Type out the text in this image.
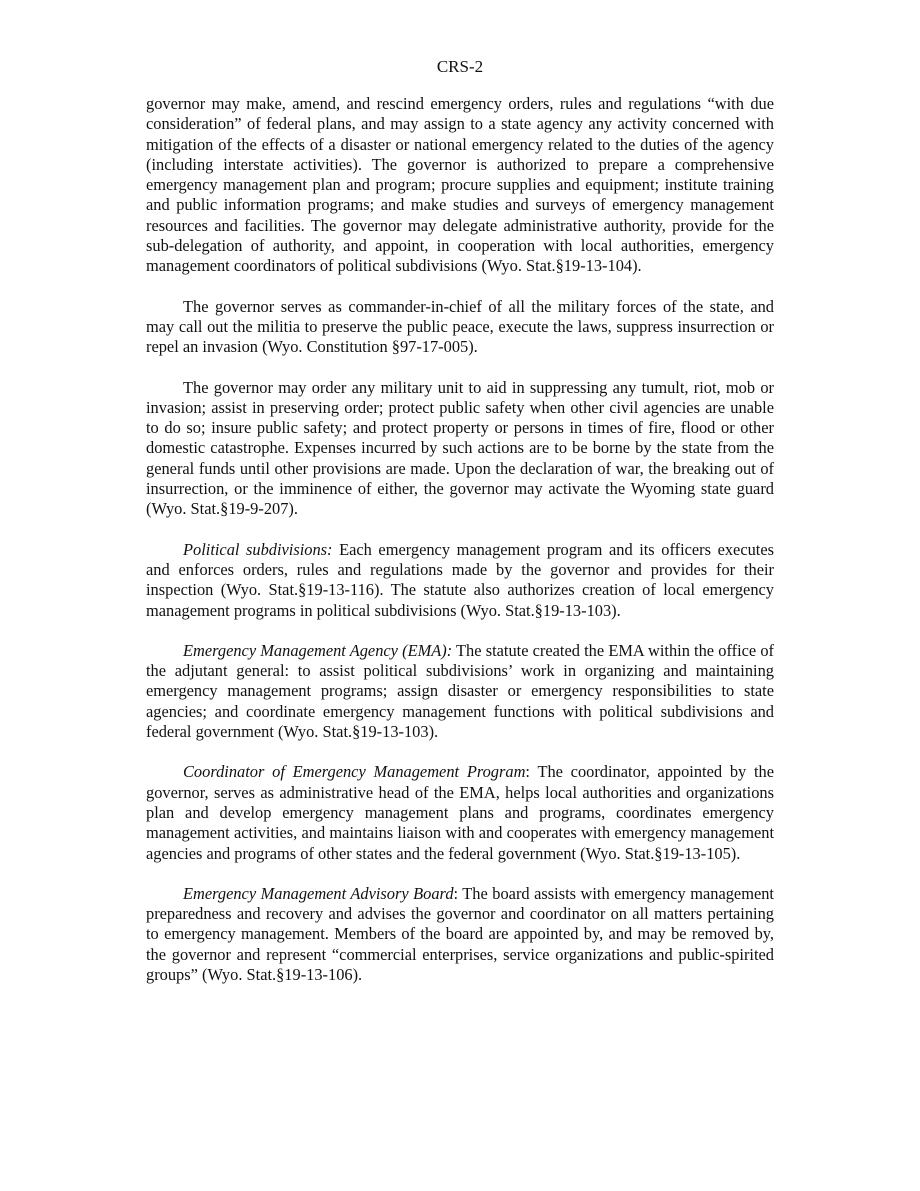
CRS-2

governor may make, amend, and rescind emergency orders, rules and regulations “with due consideration” of federal plans, and may assign to a state agency any activity concerned with mitigation of the effects of a disaster or national emergency related to the duties of the agency (including interstate activities). The governor is authorized to prepare a comprehensive emergency management plan and program; procure supplies and equipment; institute training and public information programs; and make studies and surveys of emergency management resources and facilities. The governor may delegate administrative authority, provide for the sub-delegation of authority, and appoint, in cooperation with local authorities, emergency management coordinators of political subdivisions (Wyo. Stat.§19-13-104).

The governor serves as commander-in-chief of all the military forces of the state, and may call out the militia to preserve the public peace, execute the laws, suppress insurrection or repel an invasion (Wyo. Constitution §97-17-005).

The governor may order any military unit to aid in suppressing any tumult, riot, mob or invasion; assist in preserving order; protect public safety when other civil agencies are unable to do so; insure public safety; and protect property or persons in times of fire, flood or other domestic catastrophe. Expenses incurred by such actions are to be borne by the state from the general funds until other provisions are made. Upon the declaration of war, the breaking out of insurrection, or the imminence of either, the governor may activate the Wyoming state guard (Wyo. Stat.§19-9-207).

Political subdivisions: Each emergency management program and its officers executes and enforces orders, rules and regulations made by the governor and provides for their inspection (Wyo. Stat.§19-13-116). The statute also authorizes creation of local emergency management programs in political subdivisions (Wyo. Stat.§19-13-103).

Emergency Management Agency (EMA): The statute created the EMA within the office of the adjutant general: to assist political subdivisions’ work in organizing and maintaining emergency management programs; assign disaster or emergency responsibilities to state agencies; and coordinate emergency management functions with political subdivisions and federal government (Wyo. Stat.§19-13-103).

Coordinator of Emergency Management Program: The coordinator, appointed by the governor, serves as administrative head of the EMA, helps local authorities and organizations plan and develop emergency management plans and programs, coordinates emergency management activities, and maintains liaison with and cooperates with emergency management agencies and programs of other states and the federal government (Wyo. Stat.§19-13-105).

Emergency Management Advisory Board: The board assists with emergency management preparedness and recovery and advises the governor and coordinator on all matters pertaining to emergency management. Members of the board are appointed by, and may be removed by, the governor and represent “commercial enterprises, service organizations and public-spirited groups” (Wyo. Stat.§19-13-106).
